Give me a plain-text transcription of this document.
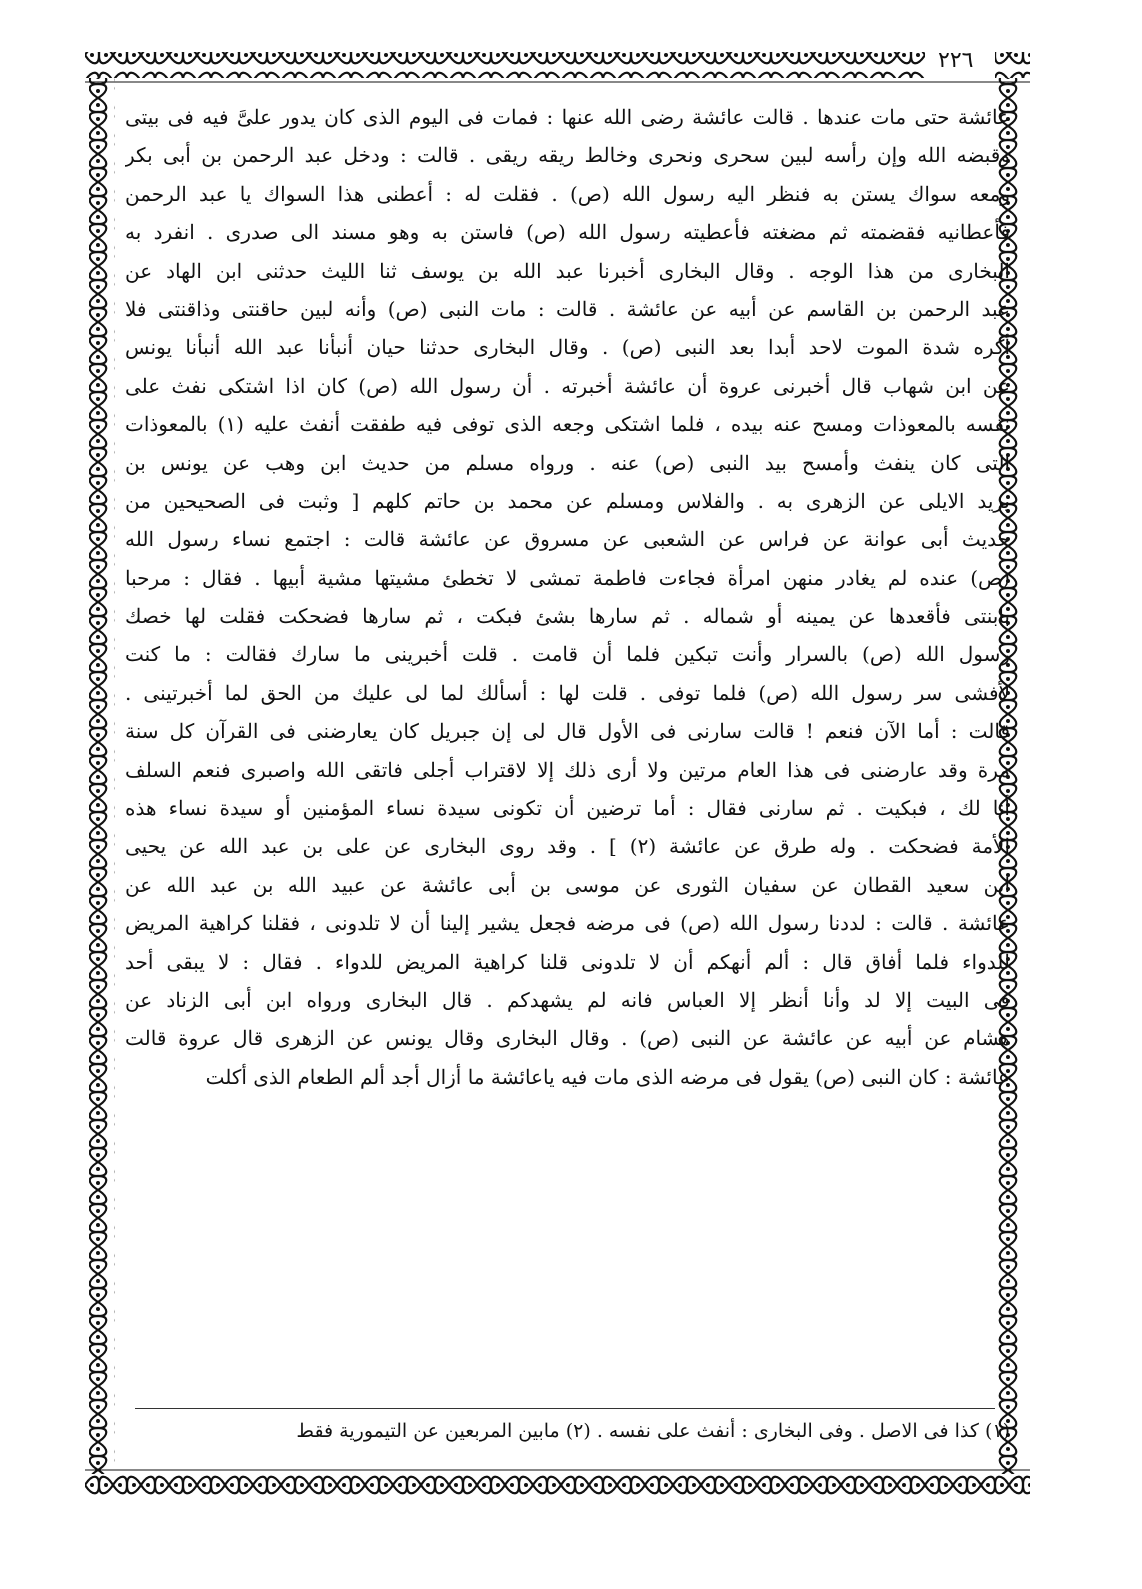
٢٢٦
عائشة حتى مات عندها . قالت عائشة رضى الله عنها : فمات فى اليوم الذى كان يدور علىَّ فيه فى بيتى
وقبضه الله وإن رأسه لبين سحرى ونحرى وخالط ريقه ريقى . قالت : ودخل عبد الرحمن بن أبى بكر
ومعه سواك يستن به فنظر اليه رسول الله (ص) . فقلت له : أعطنى هذا السواك يا عبد الرحمن
فأعطانيه فقضمته ثم مضغته فأعطيته رسول الله (ص) فاستن به وهو مسند الى صدرى . انفرد به
البخارى من هذا الوجه . وقال البخارى أخبرنا عبد الله بن يوسف ثنا الليث حدثنى ابن الهاد عن
عبد الرحمن بن القاسم عن أبيه عن عائشة . قالت : مات النبى (ص) وأنه لبين حاقنتى وذاقنتى فلا
أكره شدة الموت لاحد أبدا بعد النبى (ص) . وقال البخارى حدثنا حيان أنبأنا عبد الله أنبأنا يونس
عن ابن شهاب قال أخبرنى عروة أن عائشة أخبرته . أن رسول الله (ص) كان اذا اشتكى نفث على
نفسه بالمعوذات ومسح عنه بيده ، فلما اشتكى وجعه الذى توفى فيه طفقت أنفث عليه (١) بالمعوذات
التى كان ينفث وأمسح بيد النبى (ص) عنه . ورواه مسلم من حديث ابن وهب عن يونس بن
يزيد الايلى عن الزهرى به . والفلاس ومسلم عن محمد بن حاتم كلهم [ وثبت فى الصحيحين من
حديث أبى عوانة عن فراس عن الشعبى عن مسروق عن عائشة قالت : اجتمع نساء رسول الله
(ص) عنده لم يغادر منهن امرأة فجاءت فاطمة تمشى لا تخطئ مشيتها مشية أبيها . فقال : مرحبا
بابنتى فأقعدها عن يمينه أو شماله . ثم سارها بشئ فبكت ، ثم سارها فضحكت فقلت لها خصك
رسول الله (ص) بالسرار وأنت تبكين فلما أن قامت . قلت أخبرينى ما سارك فقالت : ما كنت
لأفشى سر رسول الله (ص) فلما توفى . قلت لها : أسألك لما لى عليك من الحق لما أخبرتينى .
قالت : أما الآن فنعم ! قالت سارنى فى الأول قال لى إن جبريل كان يعارضنى فى القرآن كل سنة
مرة وقد عارضنى فى هذا العام مرتين ولا أرى ذلك إلا لاقتراب أجلى فاتقى الله واصبرى فنعم السلف
أنا لك ، فبكيت . ثم سارنى فقال : أما ترضين أن تكونى سيدة نساء المؤمنين أو سيدة نساء هذه
الأمة فضحكت . وله طرق عن عائشة (٢) ] . وقد روى البخارى عن على بن عبد الله عن يحيى
ابن سعيد القطان عن سفيان الثورى عن موسى بن أبى عائشة عن عبيد الله بن عبد الله عن
عائشة . قالت : لددنا رسول الله (ص) فى مرضه فجعل يشير إلينا أن لا تلدونى ، فقلنا كراهية المريض
للدواء فلما أفاق قال : ألم أنهكم أن لا تلدونى قلنا كراهية المريض للدواء . فقال : لا يبقى أحد
فى البيت إلا لد وأنا أنظر إلا العباس فانه لم يشهدكم . قال البخارى ورواه ابن أبى الزناد عن
هشام عن أبيه عن عائشة عن النبى (ص) . وقال البخارى وقال يونس عن الزهرى قال عروة قالت
عائشة : كان النبى (ص) يقول فى مرضه الذى مات فيه ياعائشة ما أزال أجد ألم الطعام الذى أكلت
(١) كذا فى الاصل . وفى البخارى : أنفث على نفسه . (٢) مابين المربعين عن التيمورية فقط
